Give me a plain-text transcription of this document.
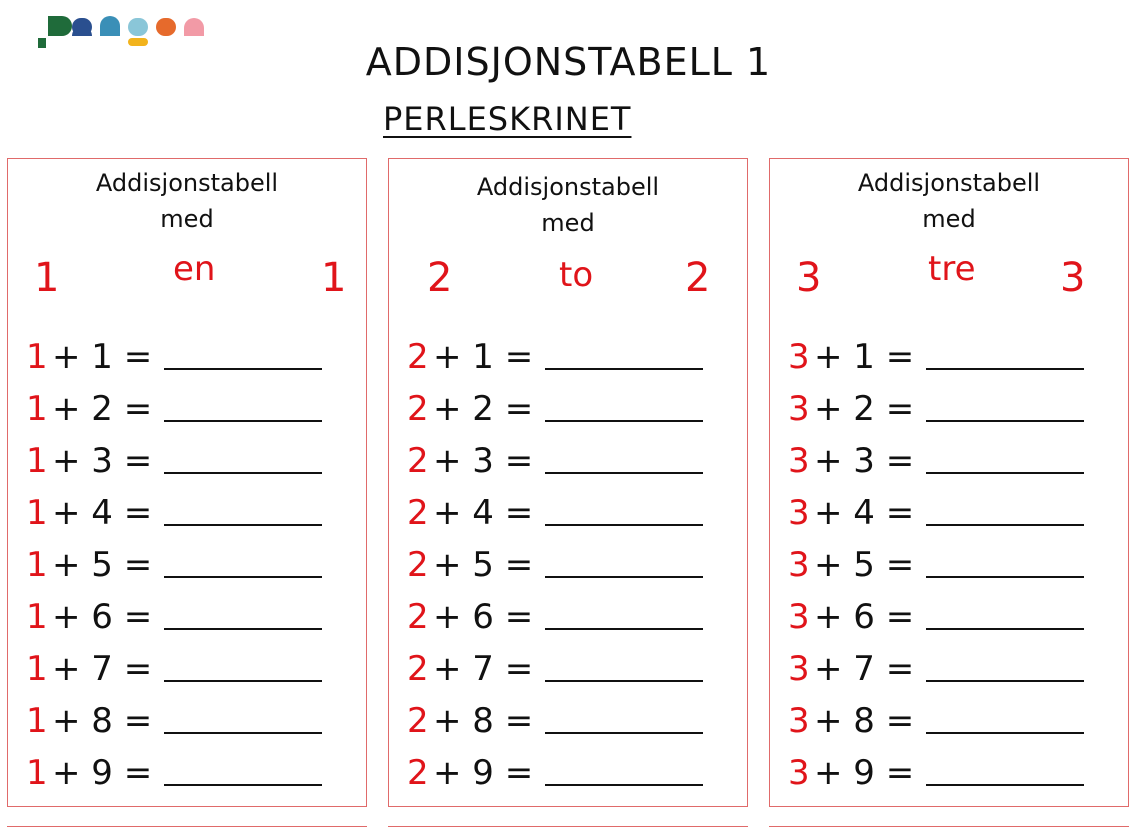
ADDISJONSTABELL 1
PERLESKRINET
Addisjonstabell
med
1	en	1
1 + 1 =
1 + 2 =
1 + 3 =
1 + 4 =
1 + 5 =
1 + 6 =
1 + 7 =
1 + 8 =
1 + 9 =
Addisjonstabell
med
2	to 2
2 + 1 =
2 + 2 =
2 + 3 =
2 + 4 =
2 + 5 =
2 + 6 =
2 + 7 =
2 + 8 =
2 + 9 =
Addisjonstabell
med
3	tre 3
3 + 1 =
3 + 2 =
3 + 3 =
3 + 4 =
3 + 5 =
3 + 6 =
3 + 7 =
3 + 8 =
3 + 9 =
